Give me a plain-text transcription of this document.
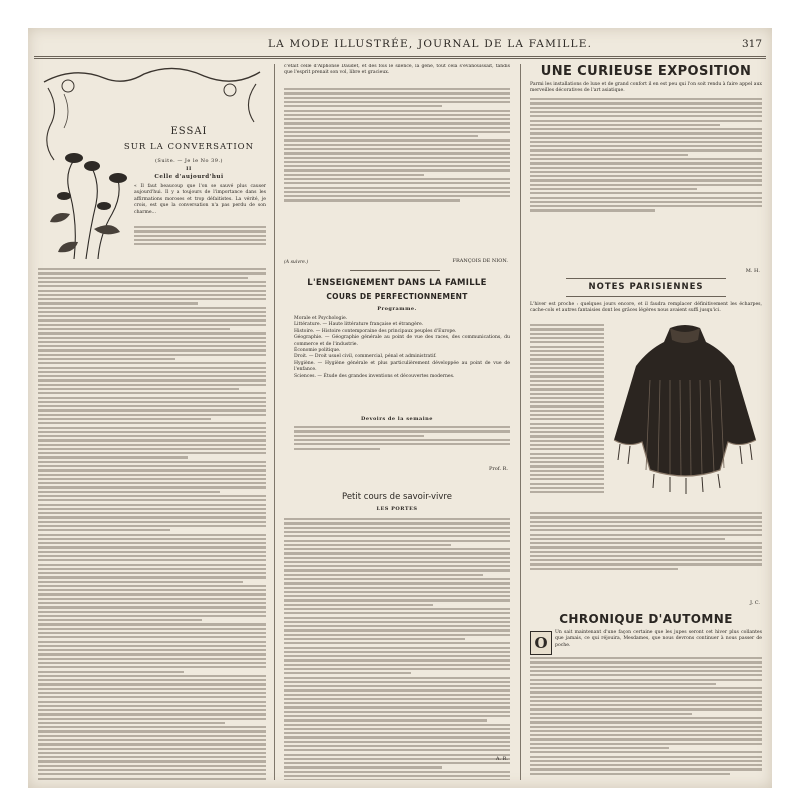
LA MODE ILLUSTRÉE, JOURNAL DE LA FAMILLE.	317
ESSAI
SUR LA CONVERSATION
(Suite. — Je le No 39.)
II
Celle d'aujourd'hui
« Il faut beaucoup que l'on se sauvé plus causer aujourd'hui. Il y a toujours de l'importance dans les affirmations moroses et trop défaitistes. La vérité, je crois, est que la conversation n'a pas perdu de son charme...
c'était celle d'Alphonse Daudet, et des fois le silence, la gêne, tout cela s'évanouissait, tandis que l'esprit prenait son vol, libre et gracieux.
(A suivre.)	FRANÇOIS DE NION.
L'ENSEIGNEMENT DANS LA FAMILLE
COURS DE PERFECTIONNEMENT
Programme.
Morale et Psychologie.
Littérature. — Haute littérature française et étrangère.
Histoire. — Histoire contemporaine des principaux peuples d'Europe.
Géographie. — Géographie générale au point de vue des races, des communications, du commerce et de l'industrie.
Économie politique.
Droit. — Droit usuel civil, commercial, pénal et administratif.
Hygiène. — Hygiène générale et plus particulièrement développée au point de vue de l'enfance.
Sciences. — Étude des grandes inventions et découvertes modernes.
Devoirs de la semaine
Prof. R.
Petit cours de savoir-vivre
LES PORTES
A. R.
UNE CURIEUSE EXPOSITION
Parmi les installations de luxe et de grand confort il en est peu qui l'on soit rendu à faire appel aux merveilles décoratives de l'art asiatique.
M. H.
NOTES PARISIENNES
L'hiver est proche : quelques jours encore, et il faudra remplacer définitivement les écharpes, cache-cols et autres fantaisies dont les grâces légères nous avaient suffi jusqu'ici.
J. C.
CHRONIQUE D'AUTOMNE
O
Un sait maintenant d'une façon certaine que les jupes seront cet hiver plus collantes que jamais, ce qui réjouira, Mesdames, que nous devrons continuer à nous passer de poche.
